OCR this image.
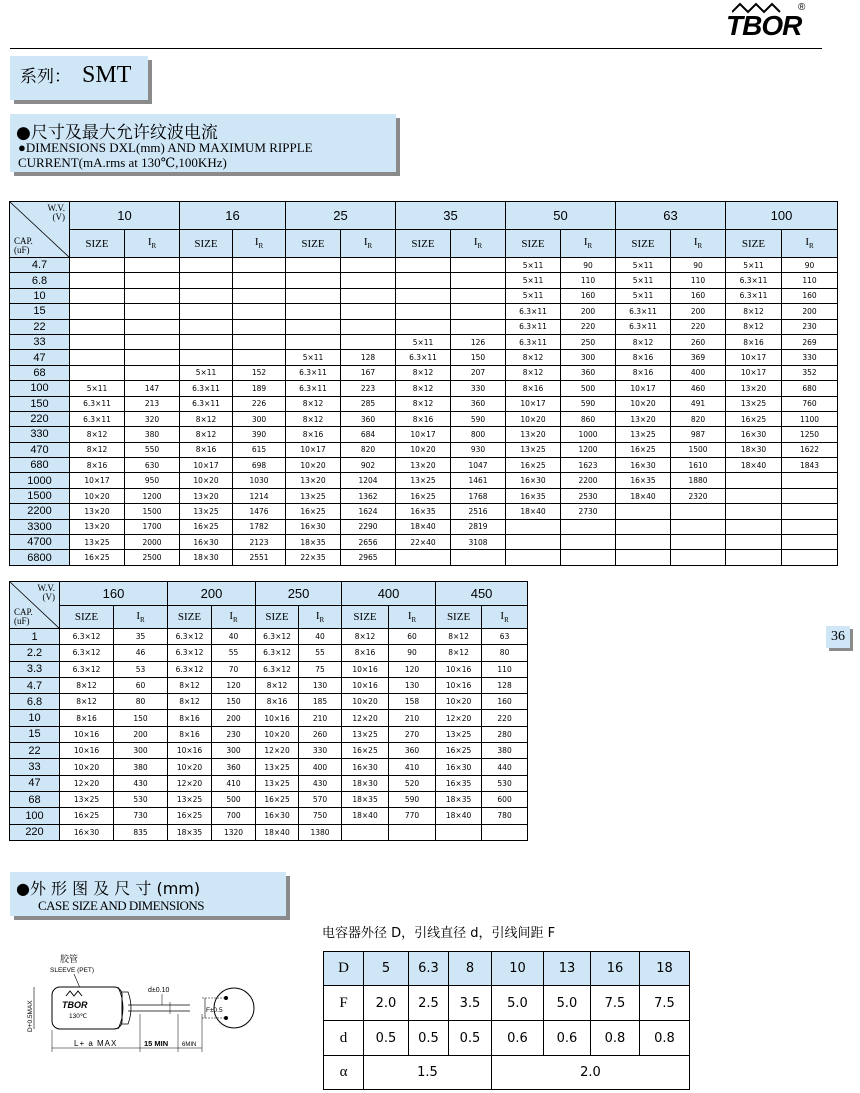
TBOR
®
系列： SMT
●尺寸及最大允许纹波电流
●DIMENSIONS DXL(mm) AND MAXIMUM RIPPLE
CURRENT(mA.rms at 130℃,100KHz)
W.V.
(V)
CAP.
(uF)	10		16		25		35		50		63		100	
	SIZE	$I_R$	SIZE	$I_R$	SIZE	$I_R$	SIZE	$I_R$	SIZE	$I_R$	SIZE	$I_R$	SIZE	$I_R$
4.7									5×11	90	5×11	90	5×11	90
6.8									5×11	110	5×11	110	6.3×11	110
10									5×11	160	5×11	160	6.3×11	160
15									6.3×11	200	6.3×11	200	8×12	200
22									6.3×11	220	6.3×11	220	8×12	230
33							5×11	126	6.3×11	250	8×12	260	8×16	269
47					5×11	128	6.3×11	150	8×12	300	8×16	369	10×17	330
68			5×11	152	6.3×11	167	8×12	207	8×12	360	8×16	400	10×17	352
100	5×11	147	6.3×11	189	6.3×11	223	8×12	330	8×16	500	10×17	460	13×20	680
150	6.3×11	213	6.3×11	226	8×12	285	8×12	360	10×17	590	10×20	491	13×25	760
220	6.3×11	320	8×12	300	8×12	360	8×16	590	10×20	860	13×20	820	16×25	1100
330	8×12	380	8×12	390	8×16	684	10×17	800	13×20	1000	13×25	987	16×30	1250
470	8×12	550	8×16	615	10×17	820	10×20	930	13×25	1200	16×25	1500	18×30	1622
680	8×16	630	10×17	698	10×20	902	13×20	1047	16×25	1623	16×30	1610	18×40	1843
1000	10×17	950	10×20	1030	13×20	1204	13×25	1461	16×30	2200	16×35	1880		
1500	10×20	1200	13×20	1214	13×25	1362	16×25	1768	16×35	2530	18×40	2320		
2200	13×20	1500	13×25	1476	16×25	1624	16×35	2516	18×40	2730				
3300	13×20	1700	16×25	1782	16×30	2290	18×40	2819						
4700	13×25	2000	16×30	2123	18×35	2656	22×40	3108						
6800	16×25	2500	18×30	2551	22×35	2965								
W.V.
(V)
CAP.
(uF)	160		200		250		400		450	
	SIZE	$I_R$	SIZE	$I_R$	SIZE	$I_R$	SIZE	$I_R$	SIZE	$I_R$
1	6.3×12	35	6.3×12	40	6.3×12	40	8×12	60	8×12	63
2.2	6.3×12	46	6.3×12	55	6.3×12	55	8×16	90	8×12	80
3.3	6.3×12	53	6.3×12	70	6.3×12	75	10×16	120	10×16	110
4.7	8×12	60	8×12	120	8×12	130	10×16	130	10×16	128
6.8	8×12	80	8×12	150	8×16	185	10×20	158	10×20	160
10	8×16	150	8×16	200	10×16	210	12×20	210	12×20	220
15	10×16	200	8×16	230	10×20	260	13×25	270	13×25	280
22	10×16	300	10×16	300	12×20	330	16×25	360	16×25	380
33	10×20	380	10×20	360	13×25	400	16×30	410	16×30	440
47	12×20	430	12×20	410	13×25	430	18×30	520	16×35	530
68	13×25	530	13×25	500	16×25	570	18×35	590	18×35	600
100	16×25	730	16×25	700	16×30	750	18×40	770	18×40	780
220	16×30	835	18×35	1320	18×40	1380				
36
●外 形 图 及 尺 寸 (mm)
CASE SIZE AND DIMENSIONS
电容器外径 D，引线直径 d，引线间距 F
胶管
SLEEVE (PET)
TBOR
130℃
d±0.10
F±0.5
D+0.5MAX
L+ a MAX	15 MIN 6MIN
D	5	6.3	8	10	13	16	18
F	2.0	2.5	3.5	5.0	5.0	7.5	7.5
d	0.5	0.5	0.5	0.6	0.6	0.8	0.8
α	1.5			2.0			
